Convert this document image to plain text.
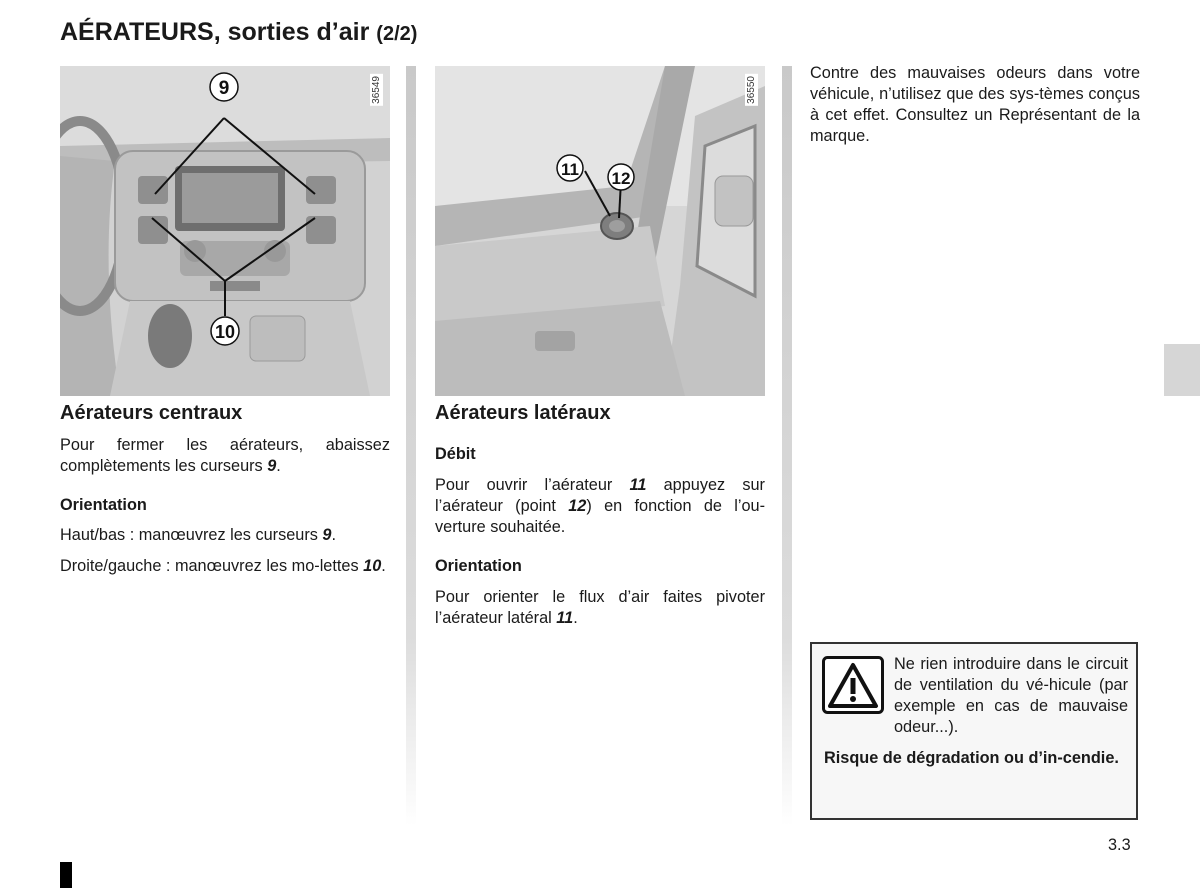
AÉRATEURS, sorties d’air (2/2)
9
10
36549
11 12
36550
Aérateurs centraux

Pour fermer les aérateurs, abaissez complètements les curseurs 9.

Orientation

Haut/bas : manœuvrez les curseurs 9.

Droite/gauche : manœuvrez les mo-lettes 10.

Aérateurs latéraux
Débit

Pour ouvrir l’aérateur 11 appuyez sur l’aérateur (point 12) en fonction de l’ou-verture souhaitée.

Orientation

Pour orienter le flux d’air faites pivoter l’aérateur latéral 11.

Contre des mauvaises odeurs dans votre véhicule, n’utilisez que des sys-tèmes conçus à cet effet. Consultez un Représentant de la marque.

Ne rien introduire dans le circuit de ventilation du vé-hicule (par exemple en cas de mauvaise odeur...).
Risque de dégradation ou d’in-cendie.
3.3
